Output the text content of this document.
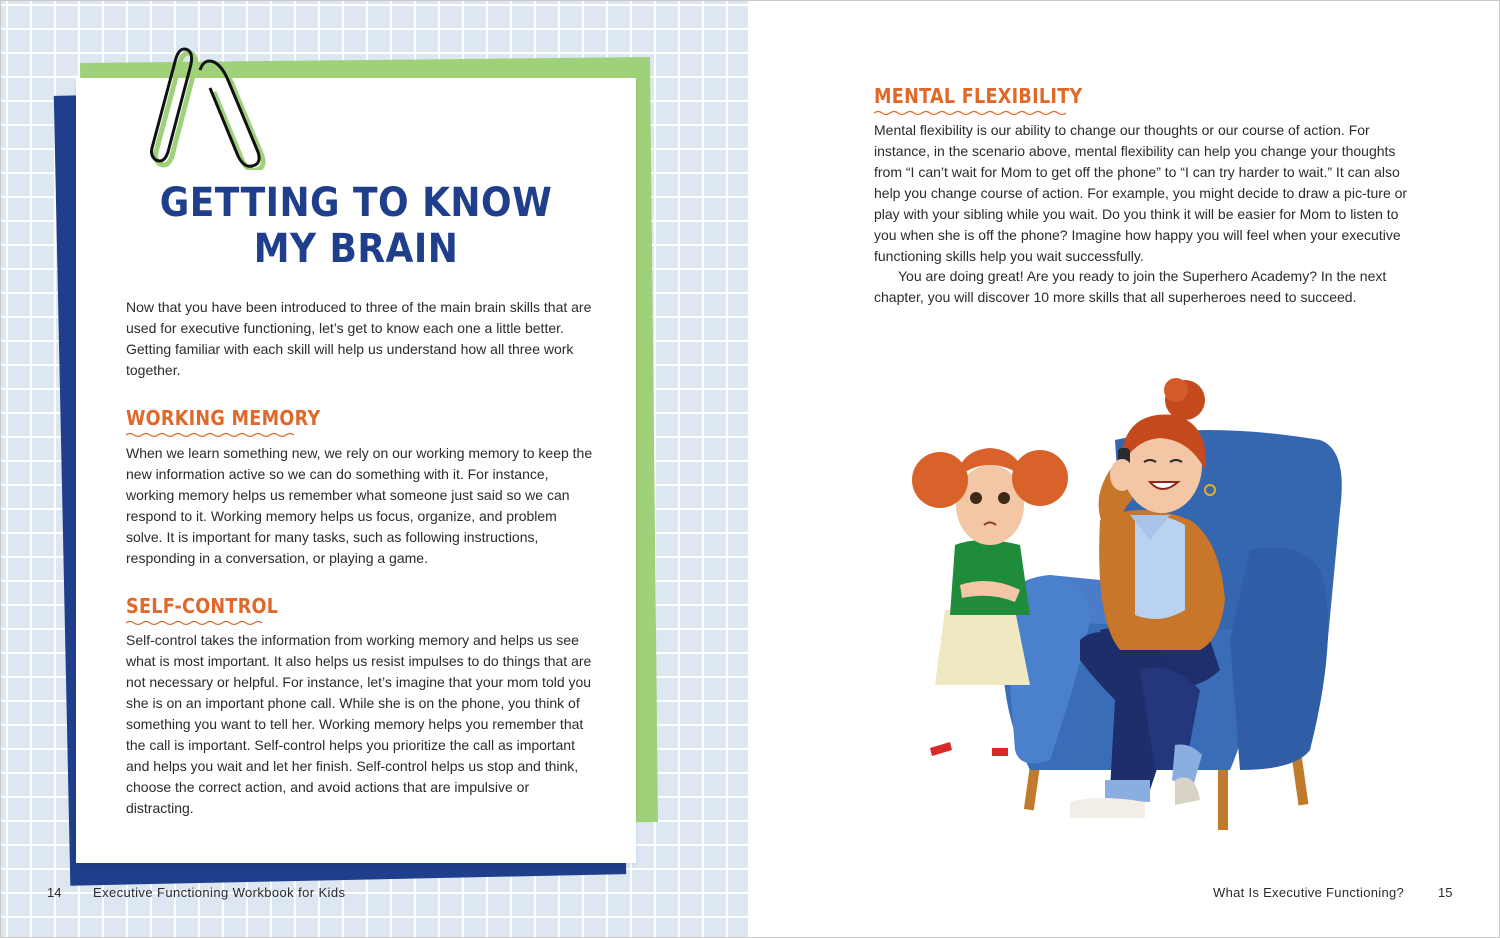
GETTING TO KNOW
MY BRAIN

Now that you have been introduced to three of the main brain skills that are used for executive functioning, let’s get to know each one a little better. Getting familiar with each skill will help us understand how all three work together.

WORKING MEMORY

When we learn something new, we rely on our working memory to keep the new information active so we can do something with it. For instance, working memory helps us remember what someone just said so we can respond to it. Working memory helps us focus, organize, and problem solve. It is important for many tasks, such as following instructions, responding in a conversation, or playing a game.

SELF-CONTROL

Self-control takes the information from working memory and helps us see what is most important. It also helps us resist impulses to do things that are not necessary or helpful. For instance, let’s imagine that your mom told you she is on an important phone call. While she is on the phone, you think of something you want to tell her. Working memory helps you remember that the call is important. Self-control helps you prioritize the call as important and helps you wait and let her finish. Self-control helps us stop and think, choose the correct action, and avoid actions that are impulsive or distracting.

14 Executive Functioning Workbook for Kids
MENTAL FLEXIBILITY

Mental flexibility is our ability to change our thoughts or our course of action. For instance, in the scenario above, mental flexibility can help you change your thoughts from “I can’t wait for Mom to get off the phone” to “I can try harder to wait.” It can also help you change course of action. For example, you might decide to draw a pic-ture or play with your sibling while you wait. Do you think it will be easier for Mom to listen to you when she is off the phone? Imagine how happy you will feel when your executive functioning skills help you wait successfully.

You are doing great! Are you ready to join the Superhero Academy? In the next chapter, you will discover 10 more skills that all superheroes need to succeed.

What Is Executive Functioning?	15
